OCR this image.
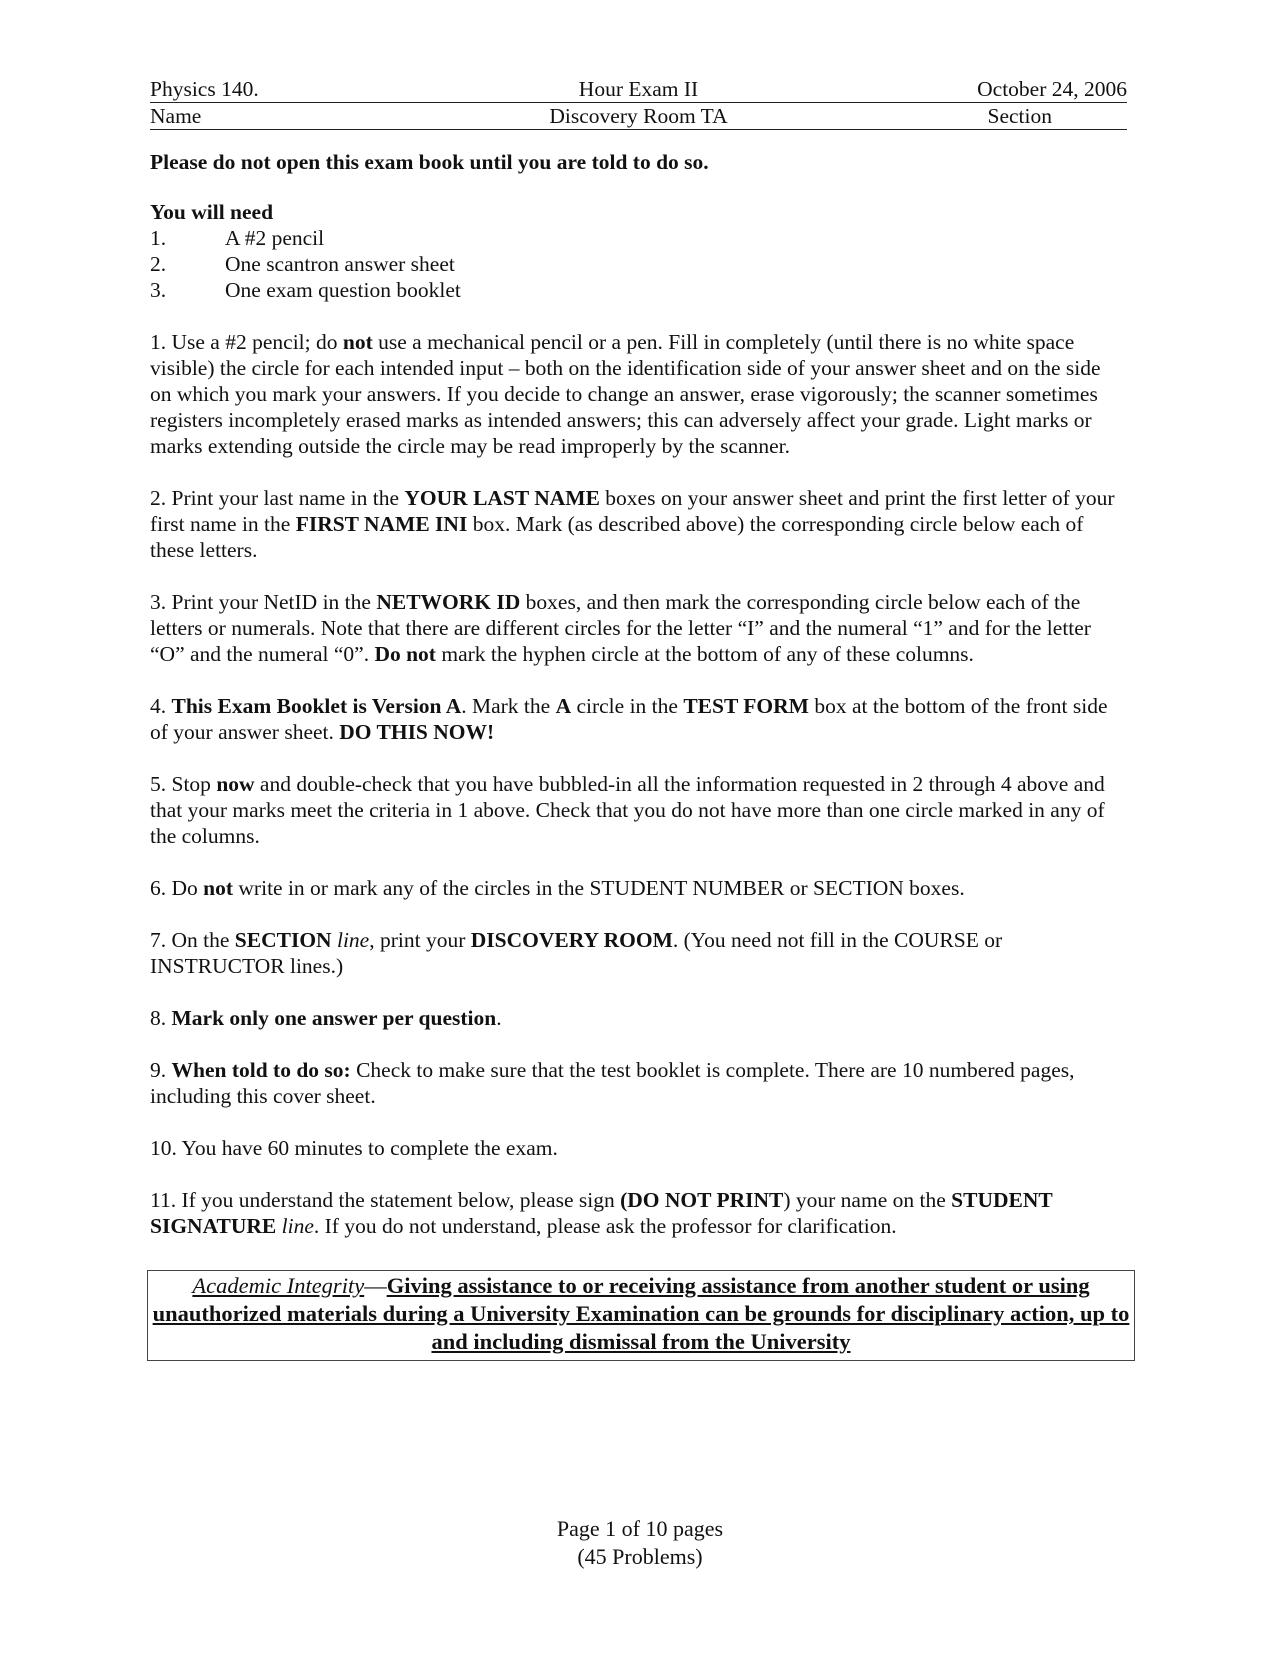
Physics 140.	Hour Exam II	October 24, 2006
Name	Discovery Room TA	Section

Please do not open this exam book until you are told to do so.

You will need
1.	A #2 pencil
2.	One scantron answer sheet
3.	One exam question booklet

1. Use a #2 pencil; do not use a mechanical pencil or a pen. Fill in completely (until there is no white space visible) the circle for each intended input – both on the identification side of your answer sheet and on the side on which you mark your answers. If you decide to change an answer, erase vigorously; the scanner sometimes registers incompletely erased marks as intended answers; this can adversely affect your grade. Light marks or marks extending outside the circle may be read improperly by the scanner.

2. Print your last name in the YOUR LAST NAME boxes on your answer sheet and print the first letter of your first name in the FIRST NAME INI box. Mark (as described above) the corresponding circle below each of these letters.

3. Print your NetID in the NETWORK ID boxes, and then mark the corresponding circle below each of the letters or numerals. Note that there are different circles for the letter “I” and the numeral “1” and for the letter “O” and the numeral “0”. Do not mark the hyphen circle at the bottom of any of these columns.

4. This Exam Booklet is Version A. Mark the A circle in the TEST FORM box at the bottom of the front side of your answer sheet. DO THIS NOW!

5. Stop now and double-check that you have bubbled-in all the information requested in 2 through 4 above and that your marks meet the criteria in 1 above. Check that you do not have more than one circle marked in any of the columns.

6. Do not write in or mark any of the circles in the STUDENT NUMBER or SECTION boxes.

7. On the SECTION line, print your DISCOVERY ROOM. (You need not fill in the COURSE or INSTRUCTOR lines.)

8. Mark only one answer per question.

9. When told to do so: Check to make sure that the test booklet is complete. There are 10 numbered pages, including this cover sheet.

10. You have 60 minutes to complete the exam.

11. If you understand the statement below, please sign (DO NOT PRINT) your name on the STUDENT SIGNATURE line. If you do not understand, please ask the professor for clarification.

Academic Integrity—Giving assistance to or receiving assistance from another student or using unauthorized materials during a University Examination can be grounds for disciplinary action, up to and including dismissal from the University
Page 1 of 10 pages
(45 Problems)
